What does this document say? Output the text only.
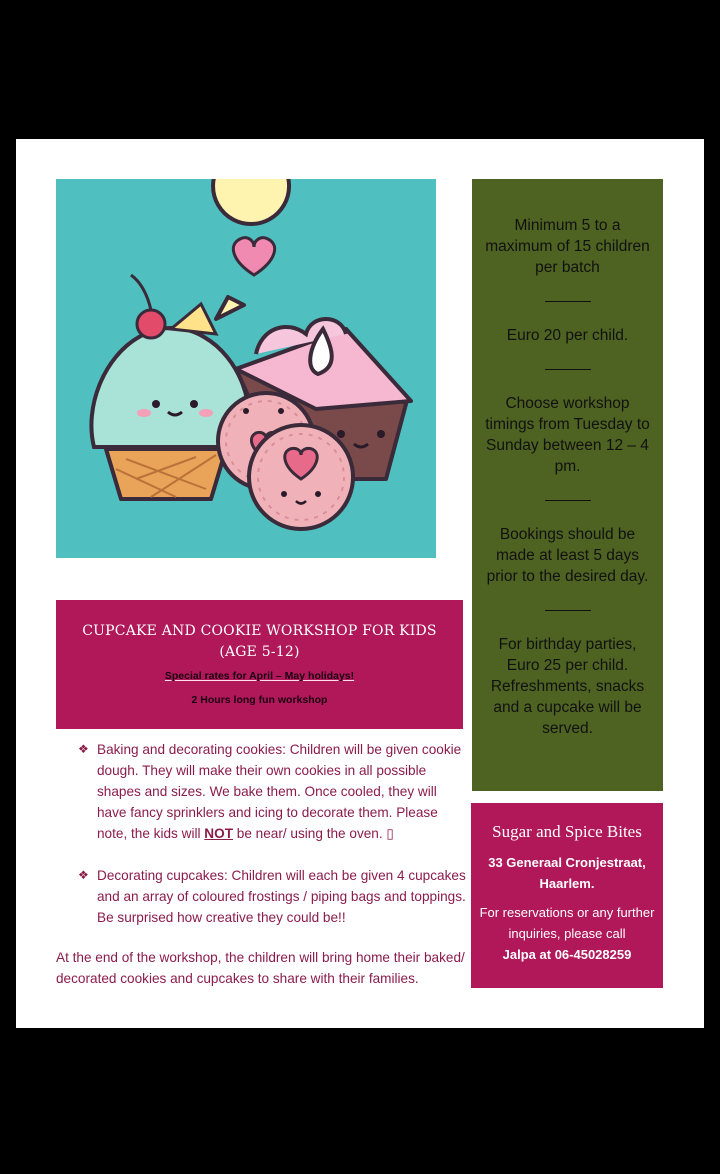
Minimum 5 to a maximum of 15 children per batch
Euro 20 per child.
Choose workshop timings from Tuesday to Sunday between 12 – 4 pm.
Bookings should be made at least 5 days prior to the desired day.
For birthday parties, Euro 25 per child. Refreshments, snacks and a cupcake will be served.
CUPCAKE AND COOKIE WORKSHOP FOR KIDS (AGE 5-12)
Special rates for April – May holidays!
2 Hours long fun workshop
❖ Baking and decorating cookies: Children will be given cookie dough. They will make their own cookies in all possible shapes and sizes. We bake them. Once cooled, they will have fancy sprinklers and icing to decorate them. Please note, the kids will NOT be near/ using the oven. ▯
❖ Decorating cupcakes: Children will each be given 4 cupcakes and an array of coloured frostings / piping bags and toppings. Be surprised how creative they could be!!
At the end of the workshop, the children will bring home their baked/ decorated cookies and cupcakes to share with their families.
Sugar and Spice Bites
33 Generaal Cronjestraat, Haarlem.
For reservations or any further inquiries, please call
Jalpa at 06-45028259
